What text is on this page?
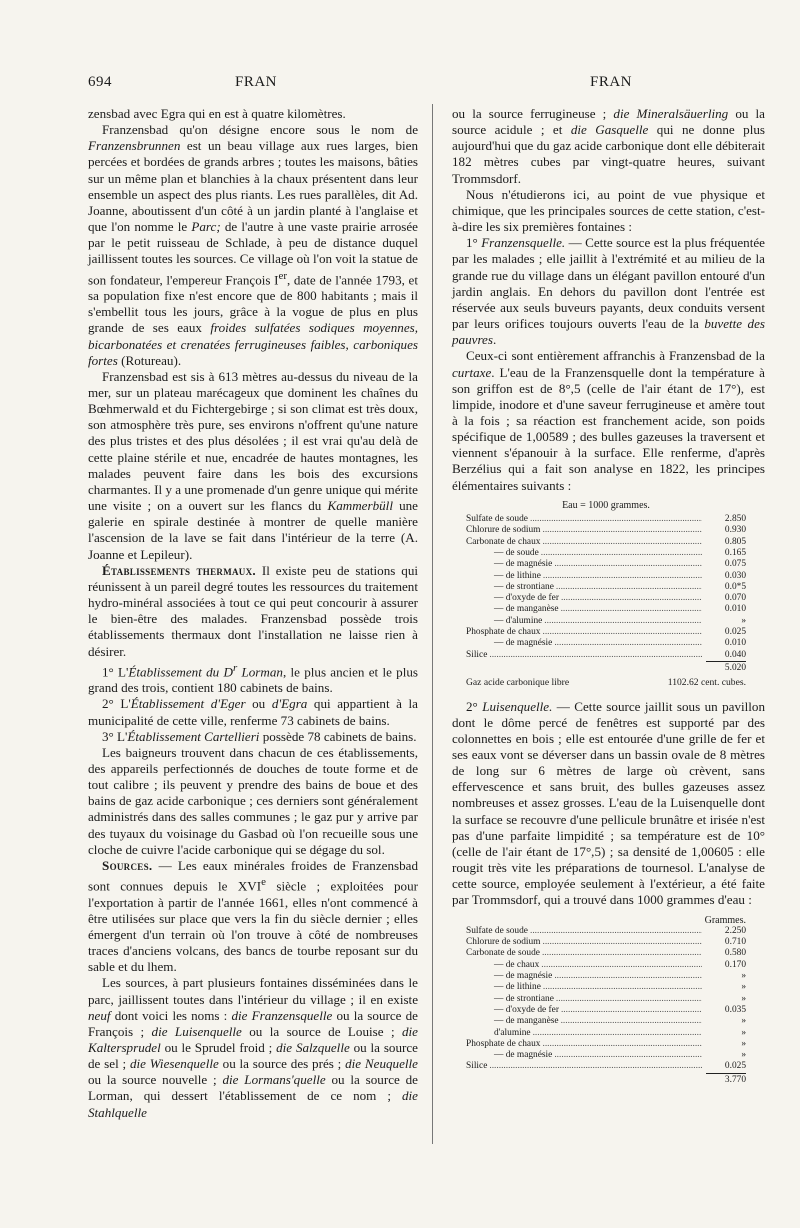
694	FRAN	FRAN

zensbad avec Egra qui en est à quatre kilomètres.

Franzensbad qu'on désigne encore sous le nom de Franzensbrunnen est un beau village aux rues larges, bien percées et bordées de grands arbres ; toutes les maisons, bâties sur un même plan et blanchies à la chaux présentent dans leur ensemble un aspect des plus riants. Les rues parallèles, dit Ad. Joanne, aboutissent d'un côté à un jardin planté à l'anglaise et que l'on nomme le Parc; de l'autre à une vaste prairie arrosée par le petit ruisseau de Schlade, à peu de distance duquel jaillissent toutes les sources. Ce village où l'on voit la statue de son fondateur, l'empereur François Ier, date de l'année 1793, et sa population fixe n'est encore que de 800 habitants ; mais il s'embellit tous les jours, grâce à la vogue de plus en plus grande de ses eaux froides sulfatées sodiques moyennes, bicarbonatées et crenatées ferrugineuses faibles, carboniques fortes (Rotureau).

Franzensbad est sis à 613 mètres au-dessus du niveau de la mer, sur un plateau marécageux que dominent les chaînes du Bœhmerwald et du Fichtergebirge ; si son climat est très doux, son atmosphère très pure, ses environs n'offrent qu'une nature des plus tristes et des plus désolées ; il est vrai qu'au delà de cette plaine stérile et nue, encadrée de hautes montagnes, les malades peuvent faire dans les bois des excursions charmantes. Il y a une promenade d'un genre unique qui mérite une visite ; on a ouvert sur les flancs du Kammerbüll une galerie en spirale destinée à montrer de quelle manière l'ascension de la lave se fait dans l'intérieur de la terre (A. Joanne et Lepileur).

Établissements thermaux. Il existe peu de stations qui réunissent à un pareil degré toutes les ressources du traitement hydro-minéral associées à tout ce qui peut concourir à assurer le bien-être des malades. Franzensbad possède trois établissements thermaux dont l'installation ne laisse rien à désirer.

1° L'Établissement du $D^r$ Lorman, le plus ancien et le plus grand des trois, contient 180 cabinets de bains.

2° L'Établissement d'Eger ou d'Egra qui appartient à la municipalité de cette ville, renferme 73 cabinets de bains.

3° L'Établissement Cartellieri possède 78 cabinets de bains.

Les baigneurs trouvent dans chacun de ces établissements, des appareils perfectionnés de douches de toute forme et de tout calibre ; ils peuvent y prendre des bains de boue et des bains de gaz acide carbonique ; ces derniers sont généralement administrés dans des salles communes ; le gaz pur y arrive par des tuyaux du voisinage du Gasbad où l'on recueille sous une cloche de cuivre l'acide carbonique qui se dégage du sol.

Sources. — Les eaux minérales froides de Franzensbad sont connues depuis le XVIe siècle ; exploitées pour l'exportation à partir de l'année 1661, elles n'ont commencé à être utilisées sur place que vers la fin du siècle dernier ; elles émergent d'un terrain où l'on trouve à côté de nombreuses traces d'anciens volcans, des bancs de tourbe reposant sur du sable et du lhem.

Les sources, à part plusieurs fontaines disséminées dans le parc, jaillissent toutes dans l'intérieur du village ; il en existe neuf dont voici les noms : die Franzensquelle ou la source de François ; die Luisenquelle ou la source de Louise ; die Kaltersprudel ou le Sprudel froid ; die Salzquelle ou la source de sel ; die Wiesenquelle ou la source des prés ; die Neuquelle ou la source nouvelle ; die Lormans'quelle ou la source de Lorman, qui dessert l'établissement de ce nom ; die Stahlquelle

ou la source ferrugineuse ; die Mineralsäuerling ou la source acidule ; et die Gasquelle qui ne donne plus aujourd'hui que du gaz acide carbonique dont elle débiterait 182 mètres cubes par vingt-quatre heures, suivant Trommsdorf.

Nous n'étudierons ici, au point de vue physique et chimique, que les principales sources de cette station, c'est-à-dire les six premières fontaines :

1° Franzensquelle. — Cette source est la plus fréquentée par les malades ; elle jaillit à l'extrémité et au milieu de la grande rue du village dans un élégant pavillon entouré d'un jardin anglais. En dehors du pavillon dont l'entrée est réservée aux seuls buveurs payants, deux conduits versent par leurs orifices toujours ouverts l'eau de la buvette des pauvres.

Ceux-ci sont entièrement affranchis à Franzensbad de la curtaxe. L'eau de la Franzensquelle dont la température à son griffon est de 8°,5 (celle de l'air étant de 17°), est limpide, inodore et d'une saveur ferrugineuse et amère tout à la fois ; sa réaction est franchement acide, son poids spécifique de 1,00589 ; des bulles gazeuses la traversent et viennent s'épanouir à la surface. Elle renferme, d'après Berzélius qui a fait son analyse en 1822, les principes élémentaires suivants :

Eau = 1000 grammes.
Sulfate de soude .....	2.850
Chlorure de sodium .....	0.930
Carbonate de chaux .....	0.805
— de soude .....	0.165
— de magnésie .....	0.075
— de lithine .....	0.030
— de strontiane .....	0.0*5
— d'oxyde de fer .....	0.070
— de manganèse .....	0.010
— d'alumine .....	»
Phosphate de chaux .....	0.025
— de magnésie .....	0.010
Silice .....	0.040
5.020
Gaz acide carbonique libre	1102.62 cent. cubes.

2° Luisenquelle. — Cette source jaillit sous un pavillon dont le dôme percé de fenêtres est supporté par des colonnettes en bois ; elle est entourée d'une grille de fer et ses eaux vont se déverser dans un bassin ovale de 8 mètres de long sur 6 mètres de large où crèvent, sans effervescence et sans bruit, des bulles gazeuses assez nombreuses et assez grosses. L'eau de la Luisenquelle dont la surface se recouvre d'une pellicule brunâtre et irisée n'est pas d'une parfaite limpidité ; sa température est de 10° (celle de l'air étant de 17°,5) ; sa densité de 1,00605 : elle rougit très vite les préparations de tournesol. L'analyse de cette source, employée seulement à l'extérieur, a été faite par Trommsdorf, qui a trouvé dans 1000 grammes d'eau :

Grammes.
Sulfate de soude .....	2.250
Chlorure de sodium .....	0.710
Carbonate de soude .....	0.580
— de chaux .....	0.170
— de magnésie .....	»
— de lithine .....	»
— de strontiane .....	»
— d'oxyde de fer .....	0.035
— de manganèse .....	»
d'alumine .....	»
Phosphate de chaux .....	»
— de magnésie .....	»
Silice .....	0.025
3.770
